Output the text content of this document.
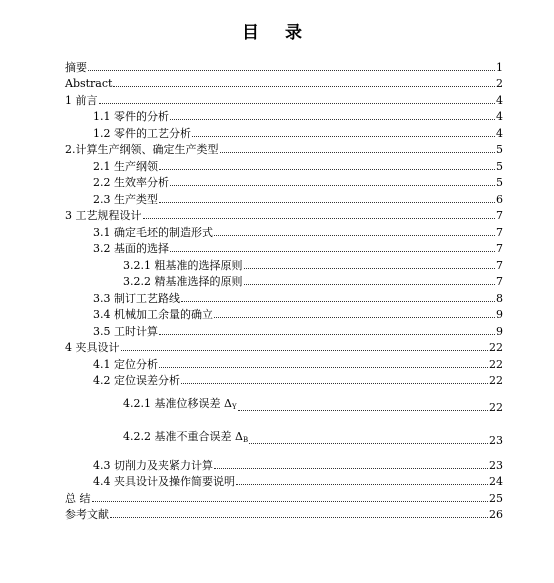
目 录
摘要	1
Abstract	2
1 前言	4
1.1 零件的分析	4
1.2 零件的工艺分析	4
2.计算生产纲领、确定生产类型	5
2.1 生产纲领	5
2.2 生效率分析	5
2.3 生产类型	6
3 工艺规程设计	7
3.1 确定毛坯的制造形式	7
3.2 基面的选择	7
3.2.1 粗基准的选择原则	7
3.2.2 精基准选择的原则	7
3.3 制订工艺路线	8
3.4 机械加工余量的确立	9
3.5 工时计算	9
4 夹具设计	22
4.1 定位分析	22
4.2 定位误差分析	22
4.2.1 基准位移误差 $\Delta_Y$	22
4.2.2 基准不重合误差 $\Delta_B$	23
4.3 切削力及夹紧力计算	23
4.4 夹具设计及操作简要说明	24
总 结	25
参考文献	26
